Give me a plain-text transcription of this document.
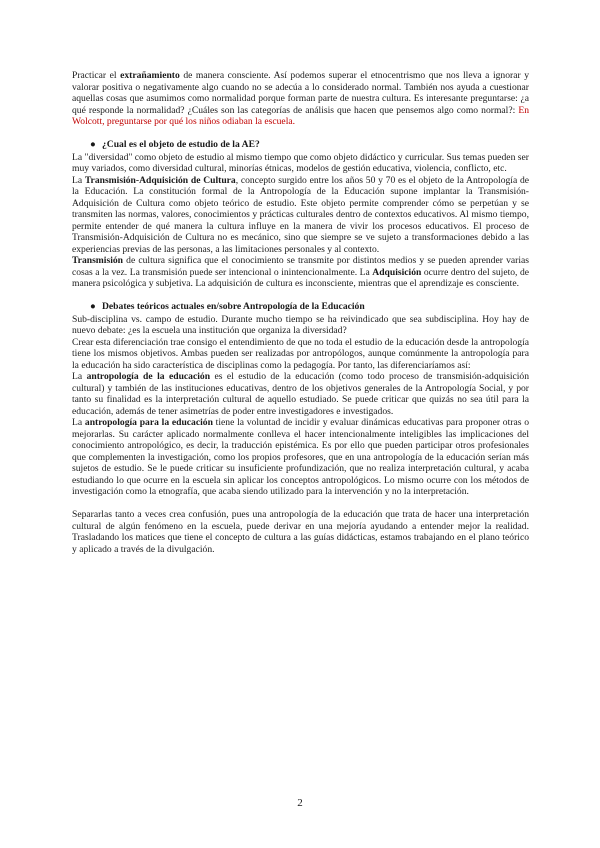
Practicar el extrañamiento de manera consciente. Así podemos superar el etnocentrismo que nos lleva a ignorar y valorar positiva o negativamente algo cuando no se adecúa a lo considerado normal. También nos ayuda a cuestionar aquellas cosas que asumimos como normalidad porque forman parte de nuestra cultura. Es interesante preguntarse: ¿a qué responde la normalidad? ¿Cuáles son las categorías de análisis que hacen que pensemos algo como normal?: En Wolcott, preguntarse por qué los niños odiaban la escuela.

● ¿Cual es el objeto de estudio de la AE?

La "diversidad" como objeto de estudio al mismo tiempo que como objeto didáctico y curricular. Sus temas pueden ser muy variados, como diversidad cultural, minorías étnicas, modelos de gestión educativa, violencia, conflicto, etc.

La Transmisión-Adquisición de Cultura, concepto surgido entre los años 50 y 70 es el objeto de la Antropología de la Educación. La constitución formal de la Antropología de la Educación supone implantar la Transmisión-Adquisición de Cultura como objeto teórico de estudio. Este objeto permite comprender cómo se perpetúan y se transmiten las normas, valores, conocimientos y prácticas culturales dentro de contextos educativos. Al mismo tiempo, permite entender de qué manera la cultura influye en la manera de vivir los procesos educativos. El proceso de Transmisión-Adquisición de Cultura no es mecánico, sino que siempre se ve sujeto a transformaciones debido a las experiencias previas de las personas, a las limitaciones personales y al contexto.

Transmisión de cultura significa que el conocimiento se transmite por distintos medios y se pueden aprender varias cosas a la vez. La transmisión puede ser intencional o inintencionalmente. La Adquisición ocurre dentro del sujeto, de manera psicológica y subjetiva. La adquisición de cultura es inconsciente, mientras que el aprendizaje es consciente.

● Debates teóricos actuales en/sobre Antropología de la Educación

Sub-disciplina vs. campo de estudio. Durante mucho tiempo se ha reivindicado que sea subdisciplina. Hoy hay de nuevo debate: ¿es la escuela una institución que organiza la diversidad?

Crear esta diferenciación trae consigo el entendimiento de que no toda el estudio de la educación desde la antropología tiene los mismos objetivos. Ambas pueden ser realizadas por antropólogos, aunque comúnmente la antropología para la educación ha sido característica de disciplinas como la pedagogía. Por tanto, las diferenciaríamos así:

La antropología de la educación es el estudio de la educación (como todo proceso de transmisión-adquisición cultural) y también de las instituciones educativas, dentro de los objetivos generales de la Antropología Social, y por tanto su finalidad es la interpretación cultural de aquello estudiado. Se puede criticar que quizás no sea útil para la educación, además de tener asimetrías de poder entre investigadores e investigados.

La antropología para la educación tiene la voluntad de incidir y evaluar dinámicas educativas para proponer otras o mejorarlas. Su carácter aplicado normalmente conlleva el hacer intencionalmente inteligibles las implicaciones del conocimiento antropológico, es decir, la traducción epistémica. Es por ello que pueden participar otros profesionales que complementen la investigación, como los propios profesores, que en una antropología de la educación serían más sujetos de estudio. Se le puede criticar su insuficiente profundización, que no realiza interpretación cultural, y acaba estudiando lo que ocurre en la escuela sin aplicar los conceptos antropológicos. Lo mismo ocurre con los métodos de investigación como la etnografía, que acaba siendo utilizado para la intervención y no la interpretación.

Separarlas tanto a veces crea confusión, pues una antropología de la educación que trata de hacer una interpretación cultural de algún fenómeno en la escuela, puede derivar en una mejoría ayudando a entender mejor la realidad. Trasladando los matices que tiene el concepto de cultura a las guías didácticas, estamos trabajando en el plano teórico y aplicado a través de la divulgación.

2
